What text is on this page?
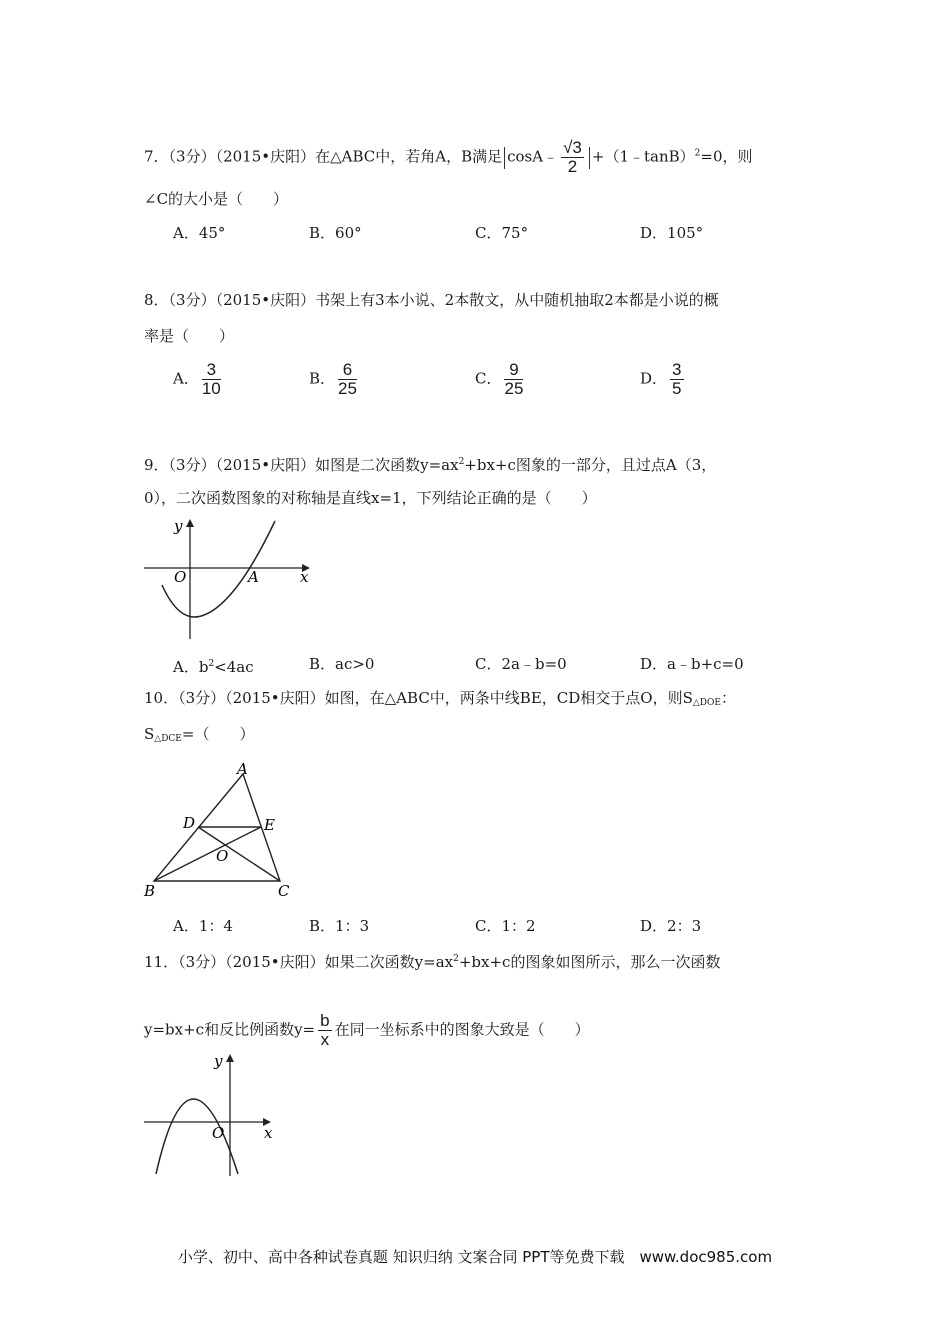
7．（3分）（2015•庆阳）在△ABC中，若角A，B满足 cosA﹣ $\frac{√3}{2}$ +（1﹣tanB）$^2$=0，则
∠C的大小是（　　）
A．45°	B．60°	C．75°	D．105°
8．（3分）（2015•庆阳）书架上有3本小说、2本散文，从中随机抽取2本都是小说的概
率是（　　）
A． $\frac{3}{10}$	B． $\frac{6}{25}$	C． $\frac{9}{25}$	D． $\frac{3}{5}$
9．（3分）（2015•庆阳）如图是二次函数$y=ax^2+bx+c$图象的一部分，且过点A（3，
0），二次函数图象的对称轴是直线x=1，下列结论正确的是（　　）
y
x
O	A
A．$b^2<4ac$	B．ac>0	C．2a﹣b=0	D．a﹣b+c=0
10．（3分）（2015•庆阳）如图，在△ABC中，两条中线BE，CD相交于点O，则$S_{\triangle DOE}$：
$S_{\triangle DCE}=$（　　）
A
B	C
D	E
O
A．1：4	B．1：3	C．1：2	D．2：3
11．（3分）（2015•庆阳）如果二次函数$y=ax^2+bx+c$的图象如图所示，那么一次函数
y=bx+c和反比例函数$y= \frac{b}{x}$ 在同一坐标系中的图象大致是（　　）
y
x
O
小学、初中、高中各种试卷真题 知识归纳 文案合同 PPT等免费下载　www.doc985.com
